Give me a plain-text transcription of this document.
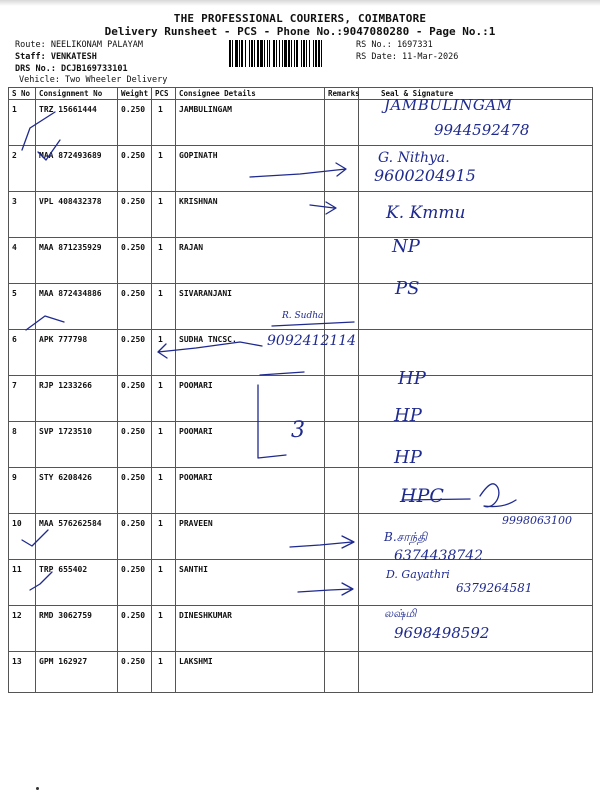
THE PROFESSIONAL COURIERS, COIMBATORE
Delivery Runsheet - PCS - Phone No.:9047080280 - Page No.:1
Route: NEELIKONAM PALAYAM
Staff: VENKATESH
DRS No.: DCJB169733101
Vehicle: Two Wheeler Delivery
RS No.: 1697331
RS Date: 11-Mar-2026
S No	Consignment No	Weight	PCS	Consignee Details	Remarks	Seal & Signature
1	TRZ 15661444	0.250	1	JAMBULINGAM		
2	MAA 872493689	0.250	1	GOPINATH		
3	VPL 408432378	0.250	1	KRISHNAN		
4	MAA 871235929	0.250	1	RAJAN		
5	MAA 872434886	0.250	1	SIVARANJANI		
6	APK 777798	0.250	1	SUDHA TNCSC.		
7	RJP 1233266	0.250	1	POOMARI		
8	SVP 1723510	0.250	1	POOMARI		
9	STY 6208426	0.250	1	POOMARI		
10	MAA 576262584	0.250	1	PRAVEEN		
11	TRP 655402	0.250	1	SANTHI		
12	RMD 3062759	0.250	1	DINESHKUMAR		
13	GPM 162927	0.250	1	LAKSHMI		
JAMBULINGAM
9944592478
G. Nithya.
9600204915
K. Kmmu
NP
PS
R. Sudha
9092412114
HP
HP
HP
3
HPC
9998063100
B.சாந்தி
6374438742
D. Gayathri
6379264581
லஷ்மி
9698498592
